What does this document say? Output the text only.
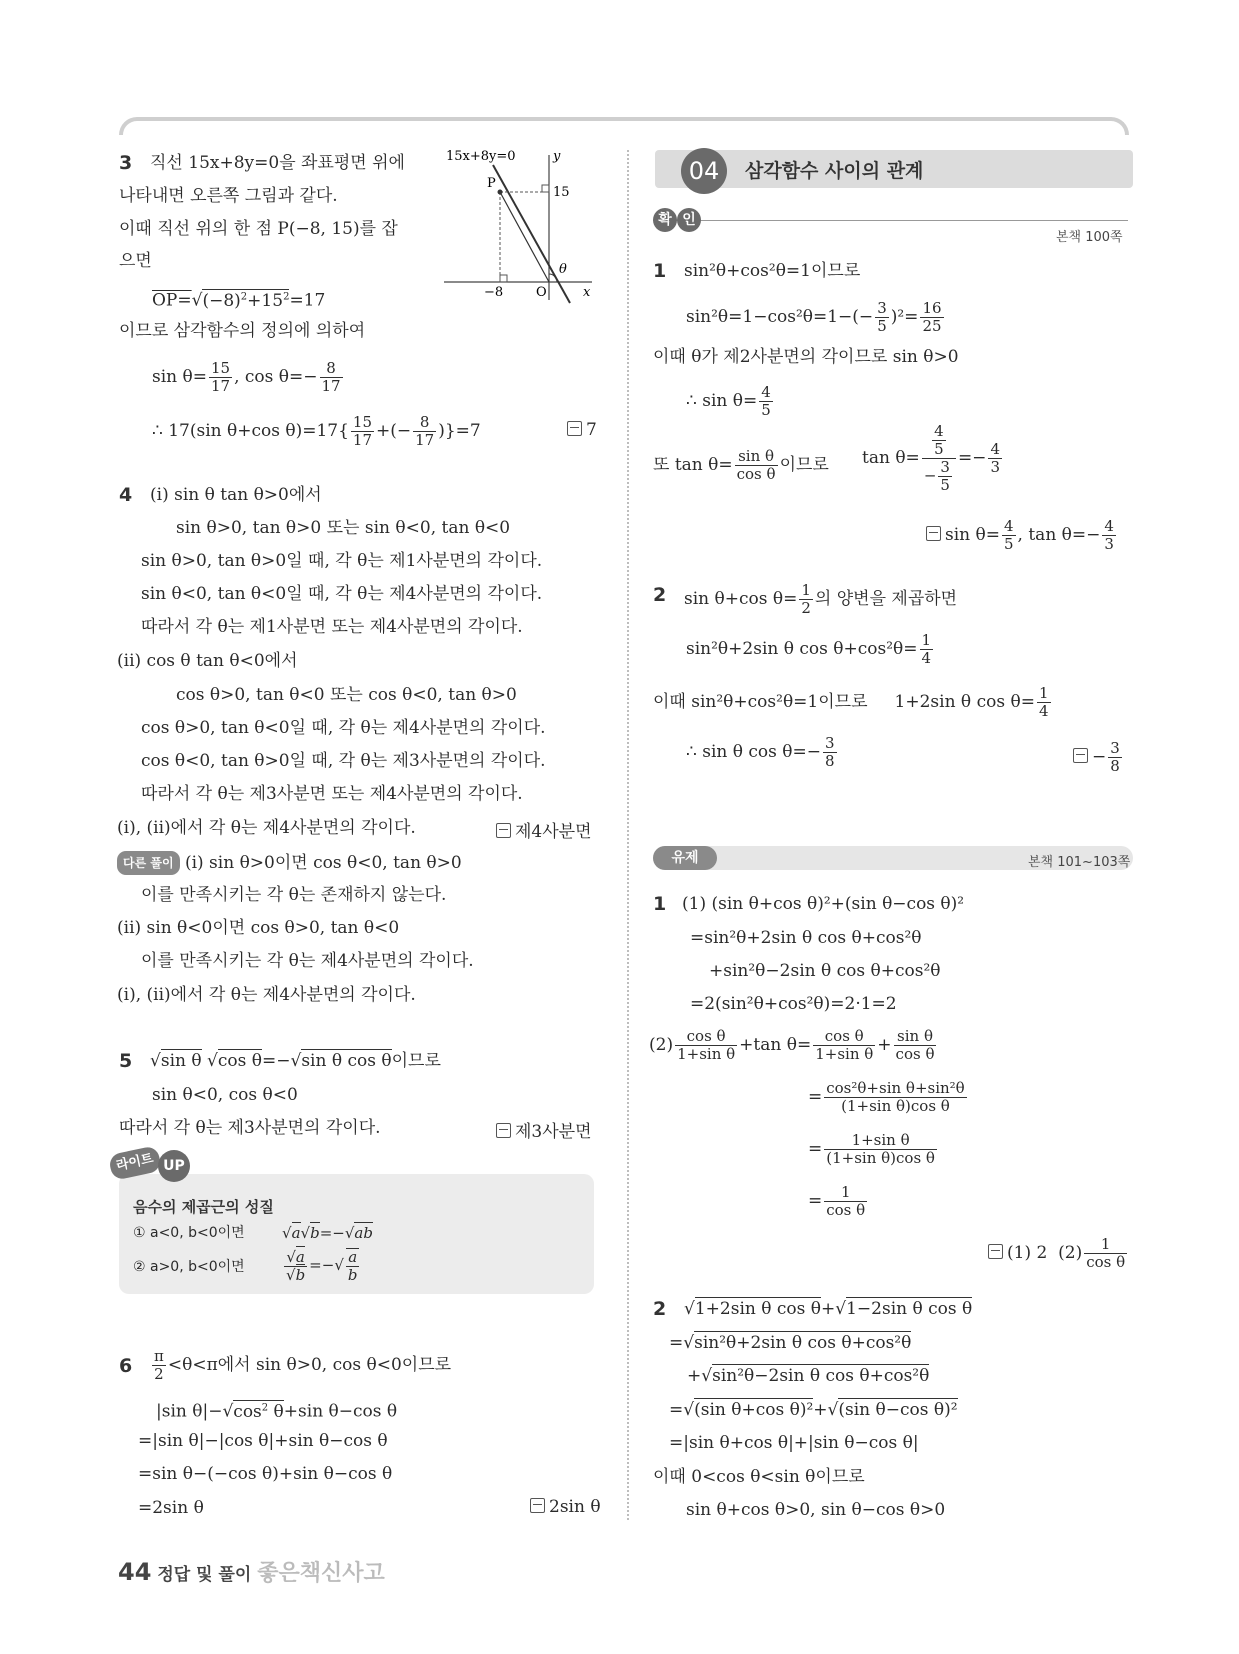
3 직선 15x+8y=0을 좌표평면 위에
나타내면 오른쪽 그림과 같다.
이때 직선 위의 한 점 P(−8, 15)를 잡
으면
$OP=√(-8)^2+15^2=17$
이므로 삼각함수의 정의에 의하여
$\sin \theta= \frac{15}{17}$ , $\cos \theta=- \frac{8}{17}$
∴ 17(sin θ+cos $\theta)=17\{ \frac{15}{17}$ +(− $\frac{8}{17} )\}=7$	7
15x+8y=0	y
P
15
−8	O
θ
x
4 (i) sin θ tan θ>0에서
sin θ>0, tan θ>0 또는 sin θ<0, tan θ<0
sin θ>0, tan θ>0일 때, 각 θ는 제1사분면의 각이다.
sin θ<0, tan θ<0일 때, 각 θ는 제4사분면의 각이다.
따라서 각 θ는 제1사분면 또는 제4사분면의 각이다.
(ii) cos θ tan θ<0에서
cos θ>0, tan θ<0 또는 cos θ<0, tan θ>0
cos θ>0, tan θ<0일 때, 각 θ는 제4사분면의 각이다.
cos θ<0, tan θ>0일 때, 각 θ는 제3사분면의 각이다.
따라서 각 θ는 제3사분면 또는 제4사분면의 각이다.
(i), (ii)에서 각 θ는 제4사분면의 각이다.	제4사분면
다른 풀이 (i) sin θ>0이면 cos θ<0, tan θ>0
이를 만족시키는 각 θ는 존재하지 않는다.
(ii) sin θ<0이면 cos θ>0, tan θ<0
이를 만족시키는 각 θ는 제4사분면의 각이다.
(i), (ii)에서 각 θ는 제4사분면의 각이다.
5 √sin θ √cos θ=−√sin θ cos θ이므로
sin θ<0, cos θ<0
따라서 각 θ는 제3사분면의 각이다.	제3사분면
라이트 UP
음수의 제곱근의 성질
① a<0, b<0이면 √a√b=−√ab
② a>0, b<0이면	$\frac{√a}{√b}$ =−√ $\frac{a}{b}$
$6 \frac{\pi}{2} <\theta<\pi$에서 sin θ>0, cos θ<0이므로
|sin $\theta|-√\cos^2$ θ+sin θ−cos θ
=|sin θ|−|cos θ|+sin θ−cos θ
=sin θ−(−cos θ)+sin θ−cos θ
=2sin θ	2sin θ
44 정답 및 풀이 좋은책신사고
04	삼각함수 사이의 관계
확 인
본책 100쪽
1 sin²θ+cos²θ=1이므로
$\sin^2\theta=1-\cos^2\theta=1-(- \frac{3}{5} )^2= \frac{16}{25}$
이때 θ가 제2사분면의 각이므로 sin θ>0
∴ $\sin \theta= \frac{4}{5}$
또 $\tan \theta= \frac{\text{sin θ}}{\text{cos θ}}$ 이므로 $\tan \theta= \frac{\frac{4}{5}}{- \frac{3}{5}} =- \frac{4}{3}$
$\sin \theta= \frac{4}{5}$ , $\tan \theta=- \frac{4}{3}$
2 sin θ+cos $\theta= \frac{1}{2}$ 의 양변을 제곱하면
sin²θ+2sin θ $\cos \theta+\cos^2\theta= \frac{1}{4}$
이때 sin²θ+cos²θ=1이므로 1+2sin θ $\cos \theta= \frac{1}{4}$
∴ sin θ $\cos \theta=- \frac{3}{8}$	− $\frac{3}{8}$
유제	본책 101~103쪽
1 (1) (sin θ+cos θ)²+(sin θ−cos θ)²
=sin²θ+2sin θ cos θ+cos²θ
+sin²θ−2sin θ cos θ+cos²θ
=2(sin²θ+cos²θ)=2·1=2
$(2) \frac{\text{cos θ}}{\text{1+sin θ}} +\tan$ $\theta= \frac{\text{cos θ}}{\text{1+sin θ}} + \frac{\text{sin θ}}{\text{cos θ}}$
= $\frac{\text{cos²θ+sin θ+sin²θ}}{\text{(1+sin θ)cos θ}}$
= $\frac{\text{1+sin θ}}{\text{(1+sin θ)cos θ}}$
= $\frac{1}{\text{cos θ}}$
(1) 2 $(2) \frac{1}{\text{cos θ}}$
2 √1+2sin θ cos θ+√1−2sin θ cos θ
=√sin²θ+2sin θ cos θ+cos²θ
+√sin²θ−2sin θ cos θ+cos²θ
=√(sin θ+cos θ)²+√(sin θ−cos θ)²
=|sin θ+cos θ|+|sin θ−cos θ|
이때 0<cos θ<sin θ이므로
sin θ+cos θ>0, sin θ−cos θ>0
